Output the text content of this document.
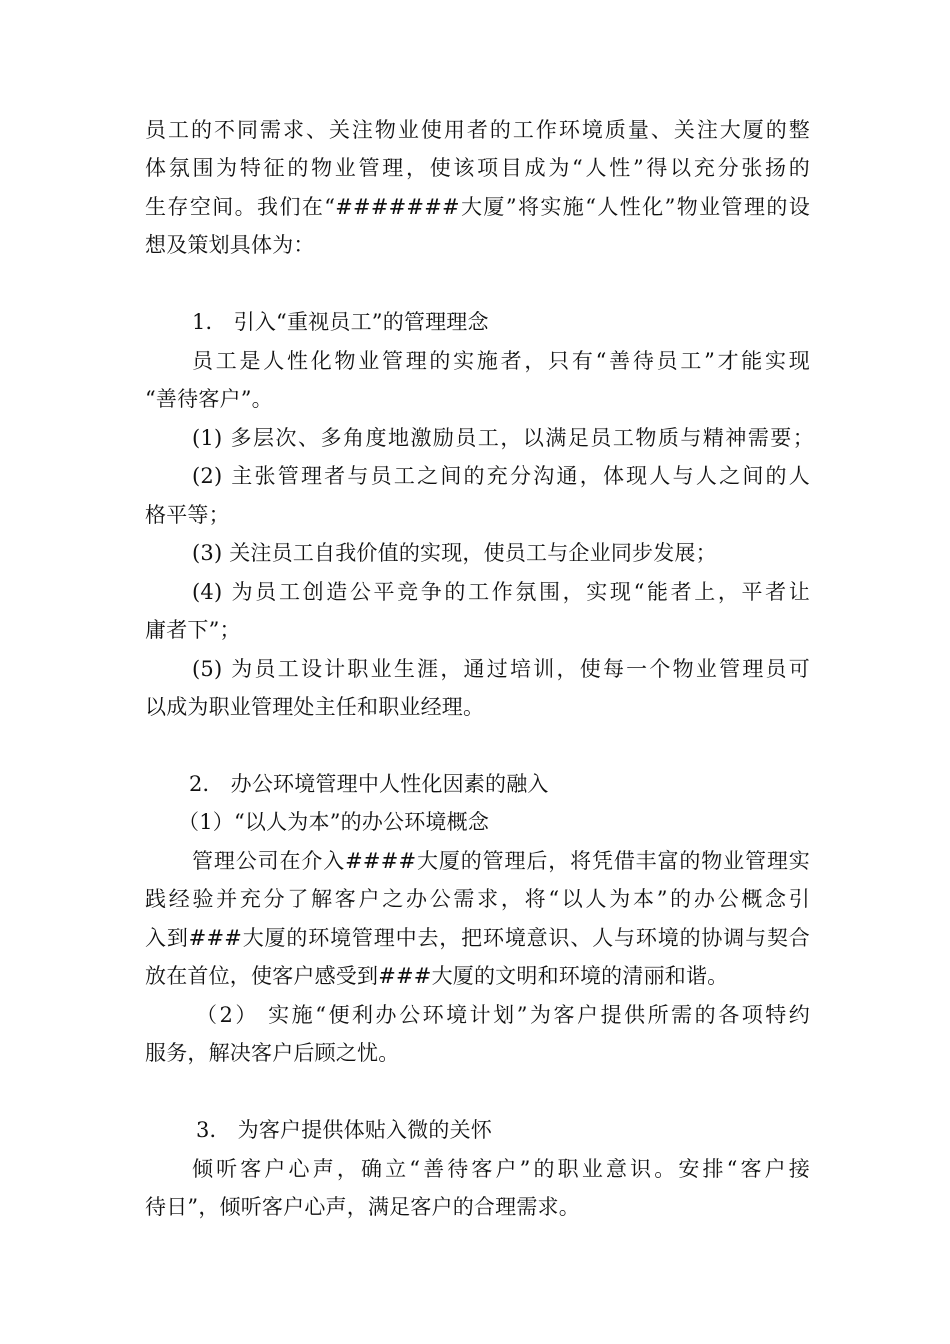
员工的不同需求、关注物业使用者的工作环境质量、关注大厦的整
体氛围为特征的物业管理，使该项目成为“人性”得以充分张扬的
生存空间。我们在“#######大厦”将实施“人性化”物业管理的设
想及策划具体为：
1． 引入“重视员工”的管理理念
员工是人性化物业管理的实施者，只有“善待员工”才能实现
“善待客户”。
(1) 多层次、多角度地激励员工，以满足员工物质与精神需要；
(2) 主张管理者与员工之间的充分沟通，体现人与人之间的人
格平等；
(3) 关注员工自我价值的实现，使员工与企业同步发展；
(4) 为员工创造公平竞争的工作氛围，实现“能者上，平者让
庸者下”；
(5) 为员工设计职业生涯，通过培训，使每一个物业管理员可
以成为职业管理处主任和职业经理。
2． 办公环境管理中人性化因素的融入
（1）“以人为本”的办公环境概念
管理公司在介入####大厦的管理后，将凭借丰富的物业管理实
践经验并充分了解客户之办公需求，将“以人为本”的办公概念引
入到###大厦的环境管理中去，把环境意识、人与环境的协调与契合
放在首位，使客户感受到###大厦的文明和环境的清丽和谐。
（2） 实施“便利办公环境计划”为客户提供所需的各项特约
服务，解决客户后顾之忧。
3． 为客户提供体贴入微的关怀
倾听客户心声，确立“善待客户”的职业意识。安排“客户接
待日”，倾听客户心声，满足客户的合理需求。
